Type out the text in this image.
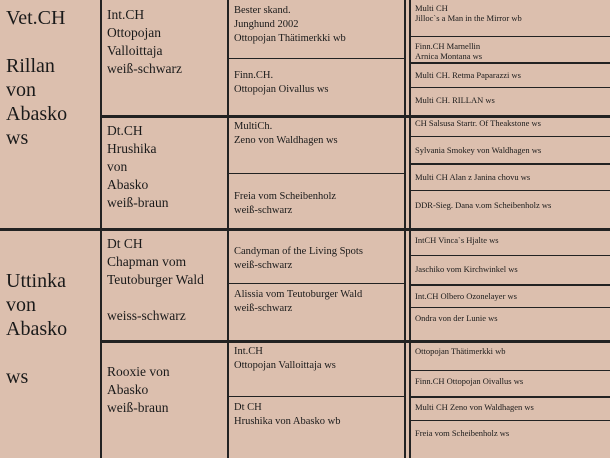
Vet.CH

Rillan
von
Abasko
ws
Uttinka
von
Abasko

ws
Int.CH
Ottopojan
Valloittaja
weiß-schwarz
Dt.CH
Hrushika
von
Abasko
weiß-braun
Dt CH
Chapman vom
Teutoburger Wald

weiss-schwarz
Rooxie von
Abasko
weiß-braun
Bester skand.
Junghund 2002
Ottopojan Thätimerkki wb
Finn.CH.
Ottopojan Oivallus ws
MultiCh.
Zeno von Waldhagen ws
Freia vom Scheibenholz
weiß-schwarz
Candyman of the Living Spots
weiß-schwarz
Alissia vom Teutoburger Wald
weiß-schwarz
Int.CH
Ottopojan Valloittaja ws
Dt CH
Hrushika von Abasko wb
Multi CH
Jilloc`s a Man in the Mirror wb
Finn.CH Marnellin
Arnica Montana ws
Multi CH. Retma Paparazzi ws
Multi CH. RILLAN ws
CH Salsusa Startr. Of Theakstone ws
Sylvania Smokey von Waldhagen ws
Multi CH Alan z Janina chovu ws
DDR-Sieg. Dana v.om Scheibenholz ws
IntCH Vinca`s Hjalte ws
Jaschiko vom Kirchwinkel ws
Int.CH Olbero Ozonelayer ws
Ondra von der Lunie ws
Ottopojan Thätimerkki wb
Finn.CH Ottopojan Oivallus ws
Multi CH Zeno von Waldhagen ws
Freia vom Scheibenholz ws
